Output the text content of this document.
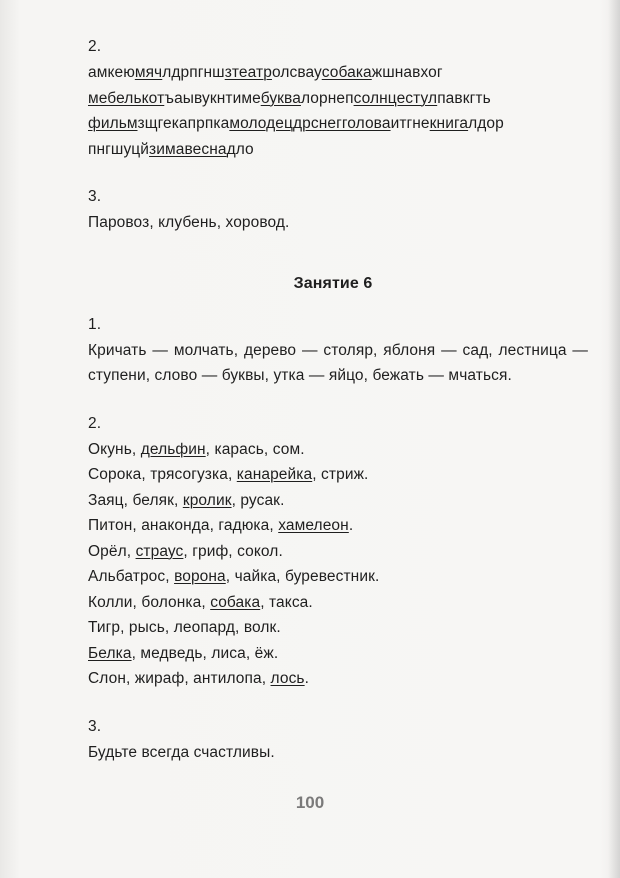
2.
амкеюмячлдрпгншзтеатролсваусобакажшнавхог
мебелькотъаывукнтимебуквалорнепсолнцестулпавкгть
фильмзщгекапрпкамолодецдрснегголоваитгнекнигалдор
пнгшуцйзимавеснадло
3.
Паровоз, клубень, хоровод.
Занятие 6
1.
Кричать — молчать, дерево — столяр, яблоня — сад, лестница — ступени, слово — буквы, утка — яйцо, бежать — мчаться.
2.
Окунь, дельфин, карась, сом.
Сорока, трясогузка, канарейка, стриж.
Заяц, беляк, кролик, русак.
Питон, анаконда, гадюка, хамелеон.
Орёл, страус, гриф, сокол.
Альбатрос, ворона, чайка, буревестник.
Колли, болонка, собака, такса.
Тигр, рысь, леопард, волк.
Белка, медведь, лиса, ёж.
Слон, жираф, антилопа, лось.
3.
Будьте всегда счастливы.
100
